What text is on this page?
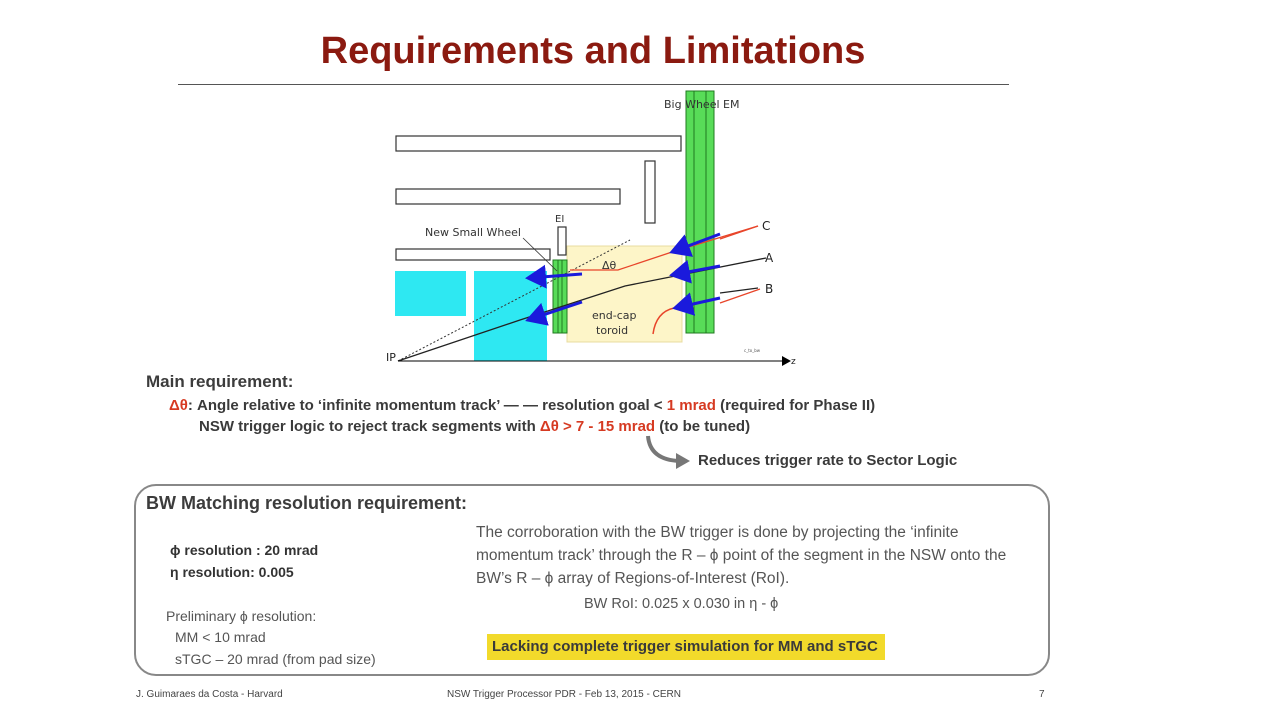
Requirements and Limitations
Big Wheel EM
end-cap
toroid
EI
New Small Wheel
Δθ
C
A
B
z
IP
c_to_bw
Main requirement:
Δθ: Angle relative to ‘infinite momentum track’ — — resolution goal < 1 mrad (required for Phase II)
NSW trigger logic to reject track segments with Δθ > 7 - 15 mrad (to be tuned)
Reduces trigger rate to Sector Logic
BW Matching resolution requirement:
ϕ resolution : 20 mrad
η resolution: 0.005
Preliminary ϕ resolution:
MM < 10 mrad
sTGC – 20 mrad (from pad size)
The corroboration with the BW trigger is done by projecting the ‘infinite momentum track’ through the R – ϕ point of the segment in the NSW onto the BW’s R – ϕ array of Regions-of-Interest (RoI).
BW RoI: 0.025 x 0.030 in η - ϕ
Lacking complete trigger simulation for MM and sTGC
J. Guimaraes da Costa - Harvard	NSW Trigger Processor PDR - Feb 13, 2015 - CERN	7
